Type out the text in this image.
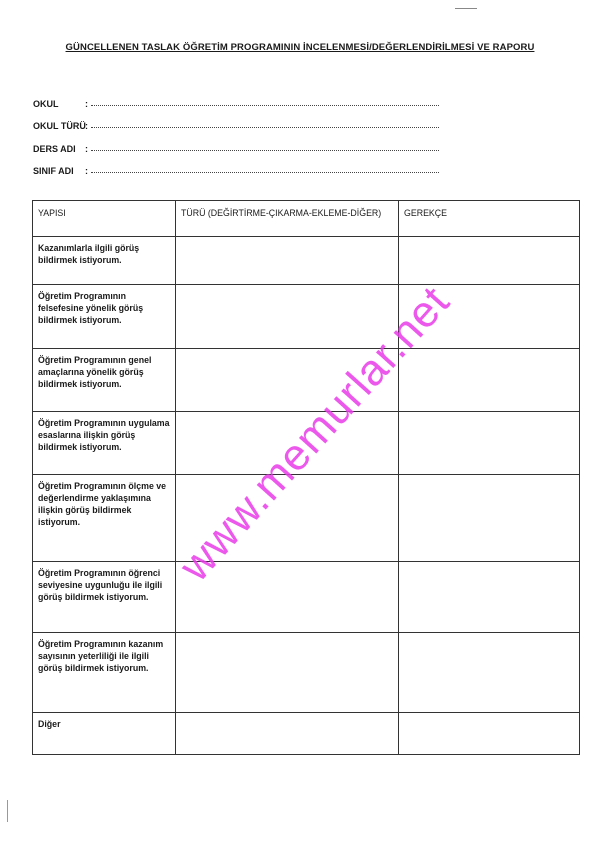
GÜNCELLENEN TASLAK ÖĞRETİM PROGRAMININ İNCELENMESİ/DEĞERLENDİRİLMESİ VE RAPORU
OKUL	:
OKUL TÜRÜ :
DERS ADI	:
SINIF ADI	:
YAPISI	TÜRÜ (DEĞİRTİRME-ÇIKARMA-EKLEME-DİĞER)	GEREKÇE

Kazanımlarla ilgili görüş bildirmek istiyorum.		

Öğretim Programının felsefesine yönelik görüş bildirmek istiyorum.		

Öğretim Programının genel amaçlarına yönelik görüş bildirmek istiyorum.		

Öğretim Programının uygulama esaslarına ilişkin görüş bildirmek istiyorum.		

Öğretim Programının ölçme ve değerlendirme yaklaşımına ilişkin görüş bildirmek istiyorum.		

Öğretim Programının öğrenci seviyesine uygunluğu ile ilgili görüş bildirmek istiyorum.		

Öğretim Programının kazanım sayısının yeterliliği ile ilgili görüş bildirmek istiyorum.		

Diğer		

www.memurlar.net
